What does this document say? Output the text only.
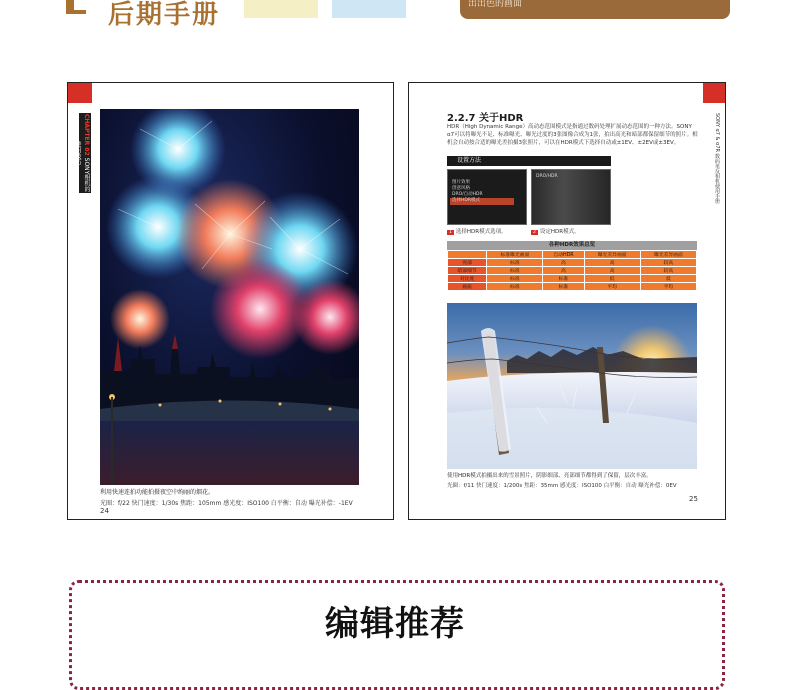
后期手册	出出色的画面
CHAPTER 02 SONY相机的使用技巧
利用快速连拍功能拍摄夜空中绚丽的烟花。
光圈：f/22 快门速度：1/30s 焦距：105mm 感光度：ISO100 白平衡：自动 曝光补偿：-1EV
24
SONY α7 & α7R 数码单反相机使用手册
2.2.7 关于HDR
HDR（High Dynamic Range）高动态范围模式是指通过数码处理扩展动态范围的一种方法。SONY α7可以将曝光不足、标准曝光、曝光过度的3张图像合成为1张，拍出高光和暗部都保留细节的照片。相机会自动按合适的曝光差拍摄3张照片，可以在HDR模式下选择自动或±1EV、±2EV或±3EV。
设置方法
图片效果
创意风格
DRO/自动HDR
选择HDR模式
DRO/HDR
1 选择HDR模式选项。	2 设定HDR模式。
各种HDR效果总览
	标准曝光画面	自动HDR	曝光差异画面	曝光差异画面
亮部	标准	高	高	较高
暗部细节	标准	高	高	较高
对比度	标准	标准	低	低
画质	标准	标准	平均	平均
使用HDR模式拍摄出来的雪景照片，阴影细部、亮部细节都得到了保留，层次丰富。
光圈：f/11 快门速度：1/200s 焦距：35mm 感光度：ISO100 白平衡：自动 曝光补偿：0EV
25
编辑推荐
